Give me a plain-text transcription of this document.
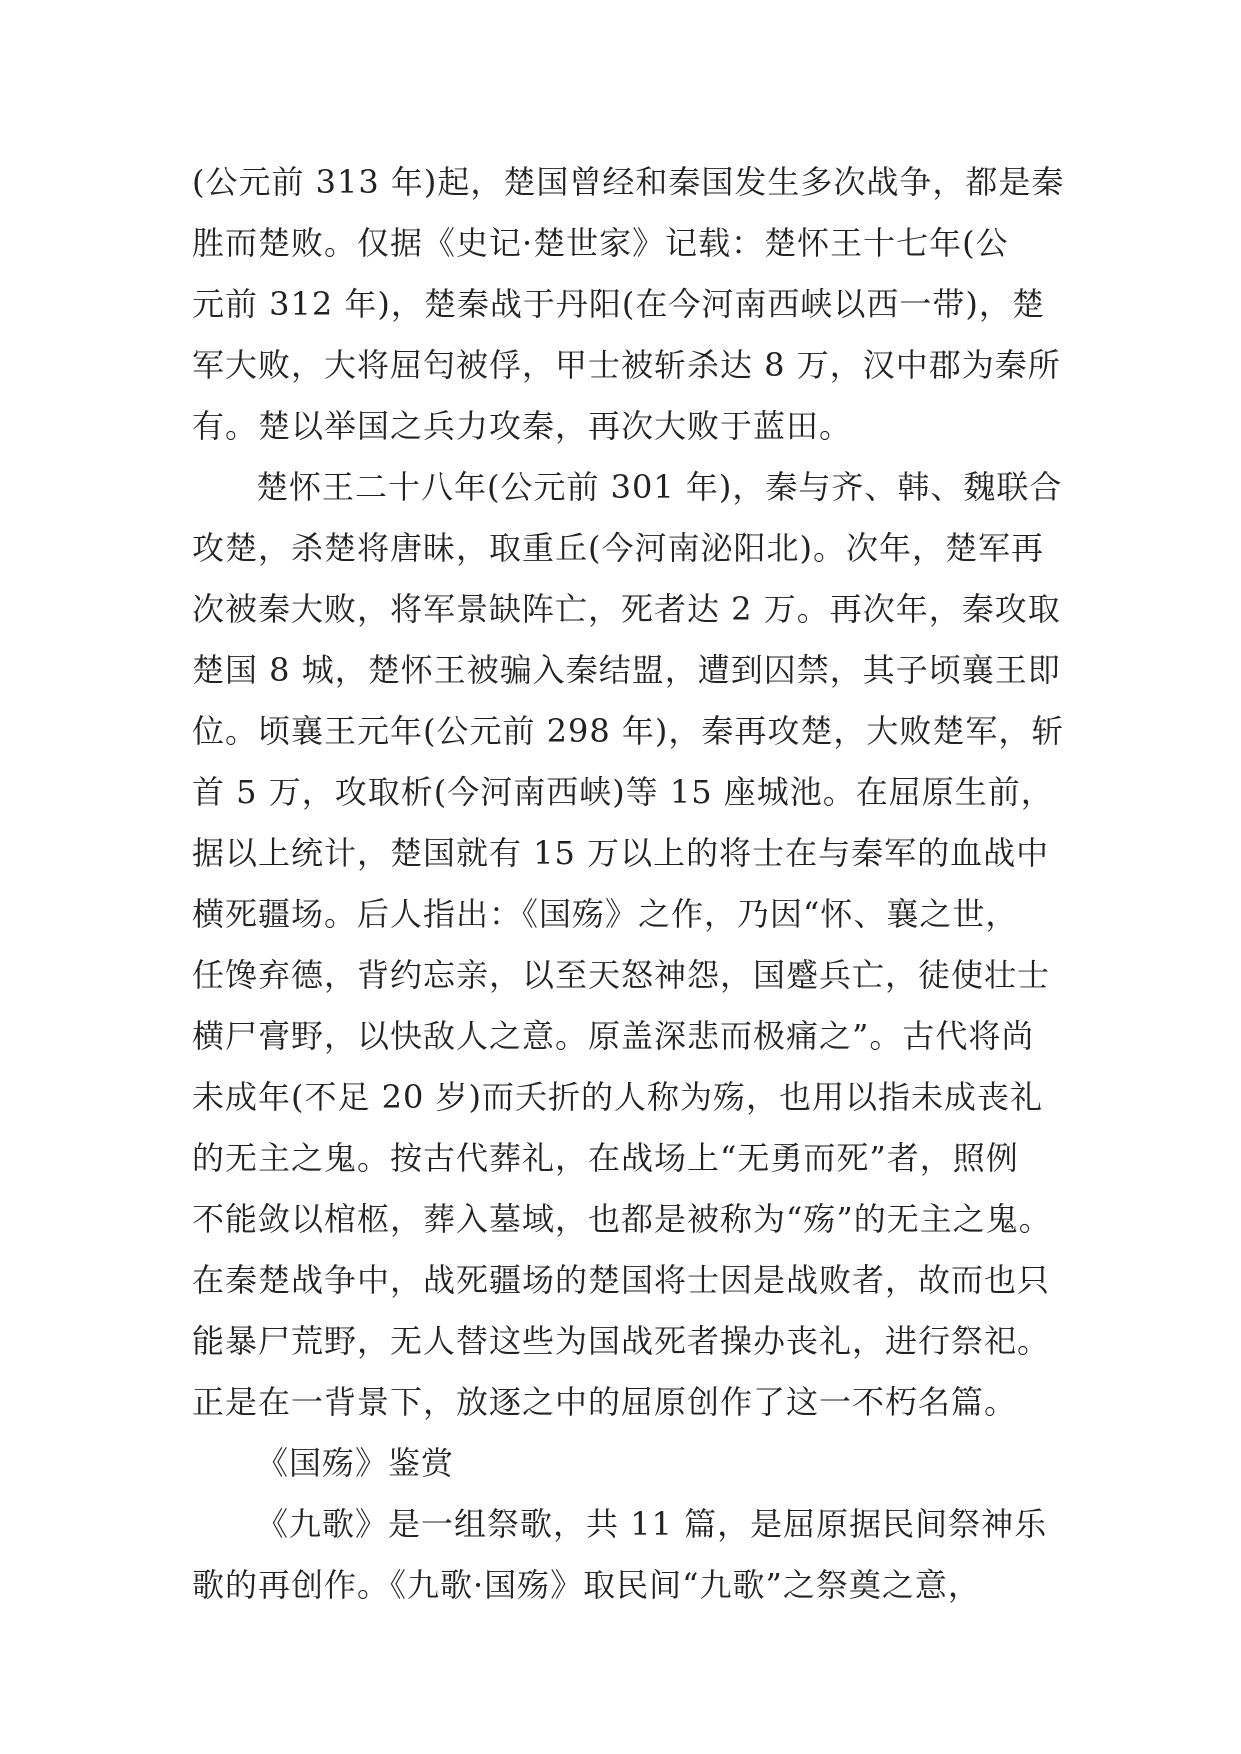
(公元前 313 年)起，楚国曾经和秦国发生多次战争，都是秦
胜而楚败。仅据《史记·楚世家》记载：楚怀王十七年(公
元前 312 年)，楚秦战于丹阳(在今河南西峡以西一带)，楚
军大败，大将屈匄被俘，甲士被斩杀达 8 万，汉中郡为秦所
有。楚以举国之兵力攻秦，再次大败于蓝田。
楚怀王二十八年(公元前 301 年)，秦与齐、韩、魏联合
攻楚，杀楚将唐昧，取重丘(今河南泌阳北)。次年，楚军再
次被秦大败，将军景缺阵亡，死者达 2 万。再次年，秦攻取
楚国 8 城，楚怀王被骗入秦结盟，遭到囚禁，其子顷襄王即
位。顷襄王元年(公元前 298 年)，秦再攻楚，大败楚军，斩
首 5 万，攻取析(今河南西峡)等 15 座城池。在屈原生前，
据以上统计，楚国就有 15 万以上的将士在与秦军的血战中
横死疆场。后人指出：《国殇》之作，乃因“怀、襄之世，
任馋弃德，背约忘亲，以至天怒神怨，国蹙兵亡，徒使壮士
横尸膏野，以快敌人之意。原盖深悲而极痛之”。古代将尚
未成年(不足 20 岁)而夭折的人称为殇，也用以指未成丧礼
的无主之鬼。按古代葬礼，在战场上“无勇而死”者，照例
不能敛以棺柩，葬入墓域，也都是被称为“殇”的无主之鬼。
在秦楚战争中，战死疆场的楚国将士因是战败者，故而也只
能暴尸荒野，无人替这些为国战死者操办丧礼，进行祭祀。
正是在一背景下，放逐之中的屈原创作了这一不朽名篇。
《国殇》鉴赏
《九歌》是一组祭歌，共 11 篇，是屈原据民间祭神乐
歌的再创作。《九歌·国殇》取民间“九歌”之祭奠之意，
